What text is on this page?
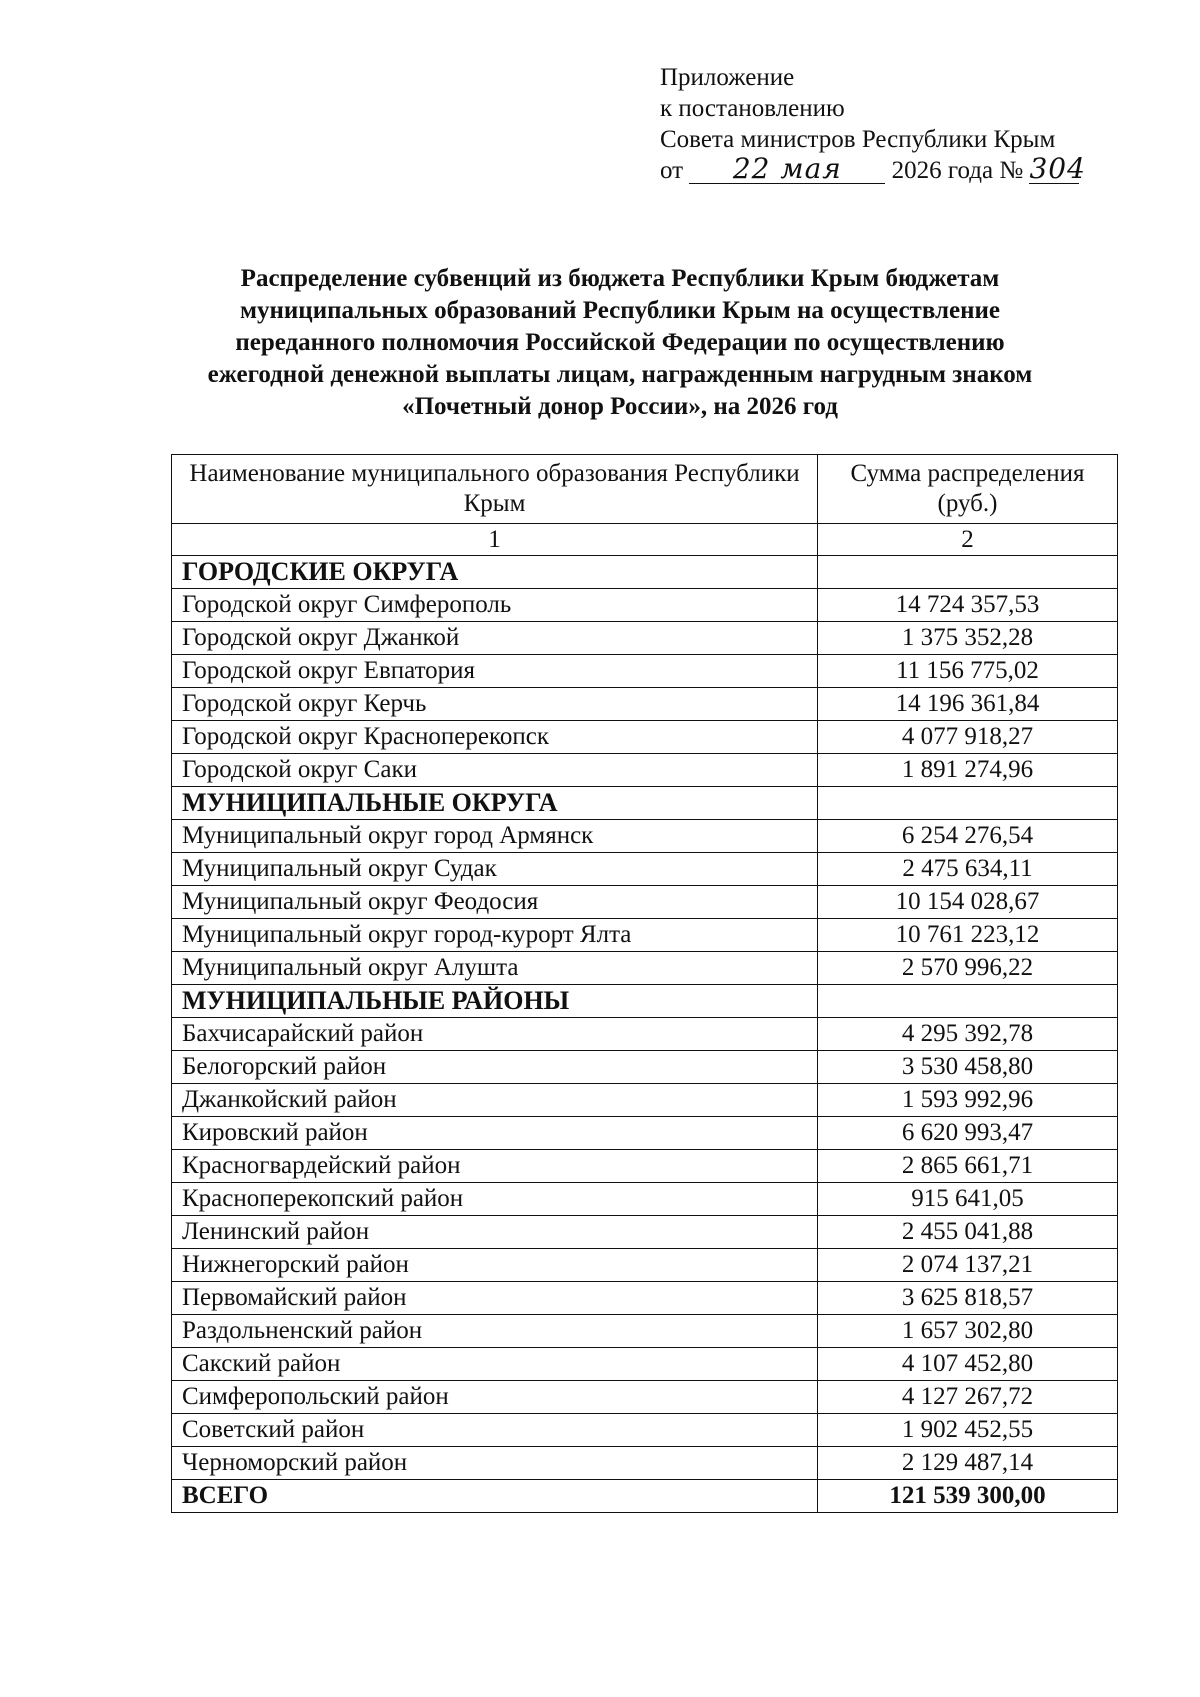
Приложение
к постановлению
Совета министров Республики Крым
от 22 мая 2026 года № 304
Распределение субвенций из бюджета Республики Крым бюджетам
муниципальных образований Республики Крым на осуществление
переданного полномочия Российской Федерации по осуществлению
ежегодной денежной выплаты лицам, награжденным нагрудным знаком
«Почетный донор России», на 2026 год
Наименование муниципального образования Республики Крым	Сумма распределения (руб.)
1	2
ГОРОДСКИЕ ОКРУГА	
Городской округ Симферополь	14 724 357,53
Городской округ Джанкой	1 375 352,28
Городской округ Евпатория	11 156 775,02
Городской округ Керчь	14 196 361,84
Городской округ Красноперекопск	4 077 918,27
Городской округ Саки	1 891 274,96
МУНИЦИПАЛЬНЫЕ ОКРУГА	
Муниципальный округ город Армянск	6 254 276,54
Муниципальный округ Судак	2 475 634,11
Муниципальный округ Феодосия	10 154 028,67
Муниципальный округ город-курорт Ялта	10 761 223,12
Муниципальный округ Алушта	2 570 996,22
МУНИЦИПАЛЬНЫЕ РАЙОНЫ	
Бахчисарайский район	4 295 392,78
Белогорский район	3 530 458,80
Джанкойский район	1 593 992,96
Кировский район	6 620 993,47
Красногвардейский район	2 865 661,71
Красноперекопский район	915 641,05
Ленинский район	2 455 041,88
Нижнегорский район	2 074 137,21
Первомайский район	3 625 818,57
Раздольненский район	1 657 302,80
Сакский район	4 107 452,80
Симферопольский район	4 127 267,72
Советский район	1 902 452,55
Черноморский район	2 129 487,14
ВСЕГО	121 539 300,00
